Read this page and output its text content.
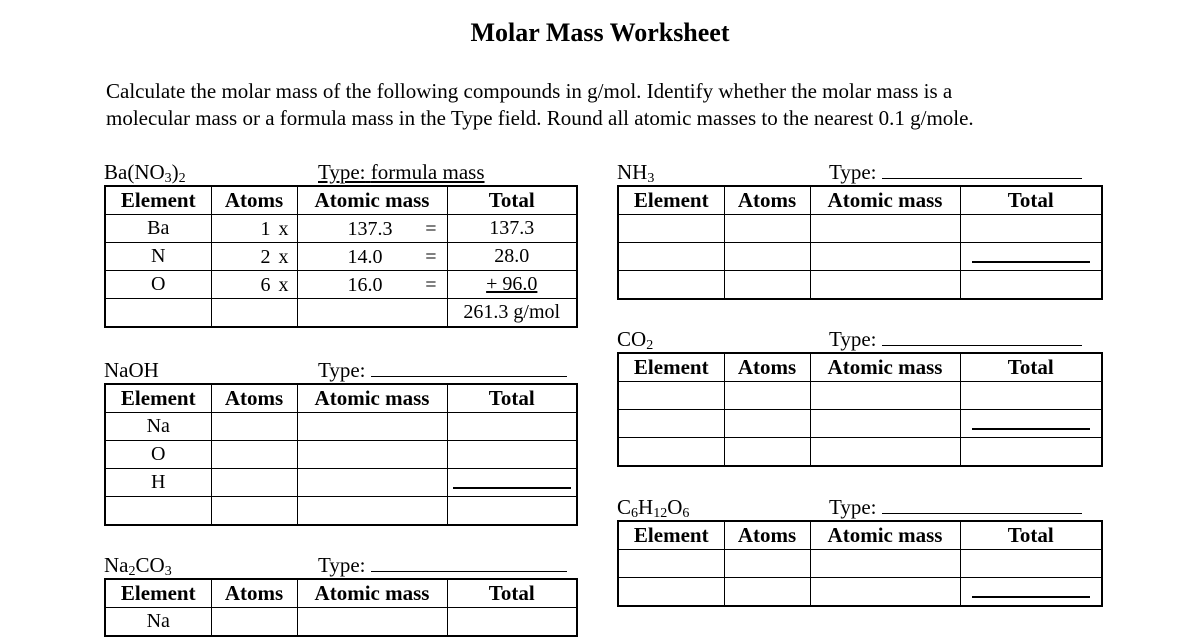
Molar Mass Worksheet
Calculate the molar mass of the following compounds in g/mol. Identify whether the molar mass is a
molecular mass or a formula mass in the Type field. Round all atomic masses to the nearest 0.1 g/mole.
$Ba(NO_3)_2$	Type: formula mass
Element	Atoms	Atomic mass	Total
Ba	1 x	137.3 =	137.3
N	2 x	14.0 =	28.0
O	6 x	16.0 =	+ 96.0
			261.3 g/mol
NaOH	Type:
Element	Atoms	Atomic mass	Total
Na			
O			
H			

$Na_2CO_3$	Type:
Element	Atoms	Atomic mass	Total
Na			
$NH_3$	Type:
Element	Atoms	Atomic mass	Total

$CO_2$	Type:
Element	Atoms	Atomic mass	Total

$C_6H_{12}O_6$	Type:
Element	Atoms	Atomic mass	Total
